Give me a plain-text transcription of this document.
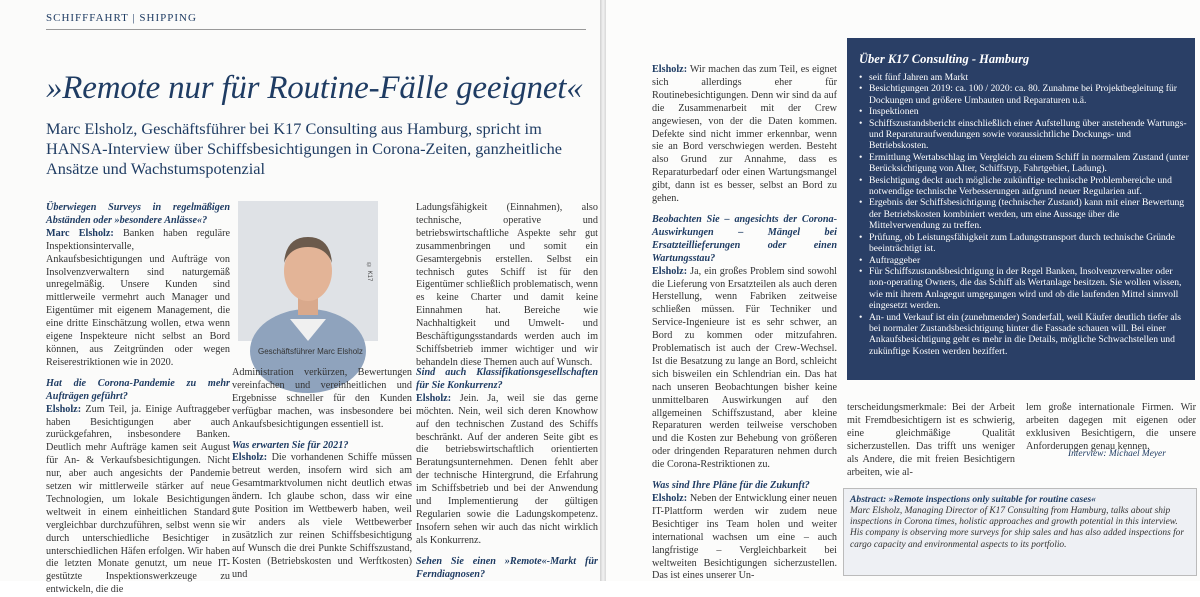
SCHIFFFAHRT | SHIPPING
»Remote nur für Routine-Fälle geeignet«
Marc Elsholz, Geschäftsführer bei K17 Consulting aus Hamburg, spricht im HANSA-Interview über Schiffsbesichtigungen in Corona-Zeiten, ganzheitliche Ansätze und Wachstumspotenzial

Überwiegen Surveys in regelmäßigen Abständen oder »besondere Anlässe«?

Marc Elsholz: Banken haben reguläre Inspektionsintervalle, Ankaufsbesichtigungen und Aufträge von Insolvenzverwaltern sind naturgemäß unregelmäßig. Unsere Kunden sind mittlerweile vermehrt auch Manager und Eigentümer mit eigenem Management, die eine dritte Einschätzung wollen, etwa wenn eigene Inspekteure nicht selbst an Bord können, aus Zeitgründen oder wegen Reiserestriktionen wie in 2020.

Hat die Corona-Pandemie zu mehr Aufträgen geführt?

Elsholz: Zum Teil, ja. Einige Auftraggeber haben Besichtigungen aber auch zurückgefahren, insbesondere Banken. Deutlich mehr Aufträge kamen seit August für An- & Verkaufsbesichtigungen. Nicht nur, aber auch angesichts der Pandemie setzen wir mittlerweile stärker auf neue Technologien, um lokale Besichtigungen weltweit in einem einheitlichen Standard vergleichbar durchzuführen, selbst wenn sie durch unterschiedliche Besichtiger in unterschiedlichen Häfen erfolgen. Wir haben die letzten Monate genutzt, um neue IT-gestützte Inspektionswerkzeuge zu entwickeln, die die

© K17
Geschäftsführer Marc Elsholz

Ladungsfähigkeit (Einnahmen), also technische, operative und betriebswirtschaftliche Aspekte sehr gut zusammenbringen und somit ein Gesamtergebnis erstellen. Selbst ein technisch gutes Schiff ist für den Eigentümer schließlich problematisch, wenn es keine Charter und damit keine Einnahmen hat. Bereiche wie Nachhaltigkeit und Umwelt- und Beschäftigungsstandards werden auch im Schiffsbetrieb immer wichtiger und wir behandeln diese Themen auch auf Wunsch.

Administration verkürzen, Bewertungen vereinfachen und vereinheitlichen und Ergebnisse schneller für den Kunden verfügbar machen, was insbesondere bei Ankaufsbesichtigungen essentiell ist.

Was erwarten Sie für 2021?

Elsholz: Die vorhandenen Schiffe müssen betreut werden, insofern wird sich am Gesamtmarktvolumen nicht deutlich etwas ändern. Ich glaube schon, dass wir eine gute Position im Wettbewerb haben, weil wir anders als viele Wettbewerber zusätzlich zur reinen Schiffsbesichtigung auf Wunsch die drei Punkte Schiffszustand, Kosten (Betriebskosten und Werftkosten) und

Sind auch Klassifikationsgesellschaften für Sie Konkurrenz?

Elsholz: Jein. Ja, weil sie das gerne möchten. Nein, weil sich deren Knowhow auf den technischen Zustand des Schiffs beschränkt. Auf der anderen Seite gibt es die betriebswirtschaftlich orientierten Beratungsunternehmen. Denen fehlt aber der technische Hintergrund, die Erfahrung im Schiffsbetrieb und bei der Anwendung und Implementierung der gültigen Regularien sowie die Ladungskompetenz. Insofern sehen wir auch das nicht wirklich als Konkurrenz.

Sehen Sie einen »Remote«-Markt für Ferndiagnosen?

Elsholz: Wir machen das zum Teil, es eignet sich allerdings eher für Routinebesichtigungen. Denn wir sind da auf die Zusammenarbeit mit der Crew angewiesen, von der die Daten kommen. Defekte sind nicht immer erkennbar, wenn sie an Bord verschwiegen werden. Besteht also Grund zur Annahme, dass es Reparaturbedarf oder einen Wartungsmangel gibt, dann ist es besser, selbst an Bord zu gehen.

Beobachten Sie – angesichts der Corona-Auswirkungen – Mängel bei Ersatzteillieferungen oder einen Wartungsstau?

Elsholz: Ja, ein großes Problem sind sowohl die Lieferung von Ersatzteilen als auch deren Herstellung, wenn Fabriken zeitweise schließen müssen. Für Techniker und Service-Ingenieure ist es sehr schwer, an Bord zu kommen oder mitzufahren. Problematisch ist auch der Crew-Wechsel. Ist die Besatzung zu lange an Bord, schleicht sich bisweilen ein Schlendrian ein. Das hat nach unseren Beobachtungen bisher keine unmittelbaren Auswirkungen auf den allgemeinen Schiffszustand, aber kleine Reparaturen werden teilweise verschoben und die Kosten zur Behebung von größeren oder dringenden Reparaturen nehmen durch die Corona-Restriktionen zu.

Was sind Ihre Pläne für die Zukunft?

Elsholz: Neben der Entwicklung einer neuen IT-Plattform werden wir zudem neue Besichtiger ins Team holen und weiter international wachsen um eine – auch langfristige – Vergleichbarkeit bei weltweiten Besichtigungen sicherzustellen. Das ist eines unserer Un-

Über K17 Consulting - Hamburg
• seit fünf Jahren am Markt
• Besichtigungen 2019: ca. 100 / 2020: ca. 80. Zunahme bei Projektbegleitung für Dockungen und größere Umbauten und Reparaturen u.ä.
• Inspektionen
• Schiffszustandsbericht einschließlich einer Aufstellung über anstehende Wartungs- und Reparaturaufwendungen sowie voraussichtliche Dockungs- und Betriebskosten.
• Ermittlung Wertabschlag im Vergleich zu einem Schiff in normalem Zustand (unter Berücksichtigung von Alter, Schiffstyp, Fahrtgebiet, Ladung).
• Besichtigung deckt auch mögliche zukünftige technische Problembereiche und notwendige technische Verbesserungen aufgrund neuer Regularien auf.
• Ergebnis der Schiffsbesichtigung (technischer Zustand) kann mit einer Bewertung der Betriebskosten kombiniert werden, um eine Aussage über die Mittelverwendung zu treffen.
• Prüfung, ob Leistungsfähigkeit zum Ladungstransport durch technische Gründe beeinträchtigt ist.
• Auftraggeber
• Für Schiffszustandsbesichtigung in der Regel Banken, Insolvenzverwalter oder non-operating Owners, die das Schiff als Wertanlage besitzen. Sie wollen wissen, wie mit ihrem Anlagegut umgegangen wird und ob die laufenden Mittel sinnvoll eingesetzt werden.
• An- und Verkauf ist ein (zunehmender) Sonderfall, weil Käufer deutlich tiefer als bei normaler Zustandsbesichtigung hinter die Fassade schauen will. Bei einer Ankaufsbesichtigung geht es mehr in die Details, mögliche Schwachstellen und zukünftige Kosten werden beziffert.

terscheidungsmerkmale: Bei der Arbeit mit Fremdbesichtigern ist es schwierig, eine gleichmäßige Qualität sicherzustellen. Das trifft uns weniger als Andere, die mit freien Besichtigern arbeiten, wie al-

lem große internationale Firmen. Wir arbeiten dagegen mit eigenen oder exklusiven Besichtigern, die unsere Anforderungen genau kennen.

Interview: Michael Meyer
Abstract: »Remote inspections only suitable for routine cases«
Marc Elsholz, Managing Director of K17 Consulting from Hamburg, talks about ship inspections in Corona times, holistic approaches and growth potential in this interview. His company is observing more surveys for ship sales and has also added inspections for cargo capacity and environmental aspects to its portfolio.
